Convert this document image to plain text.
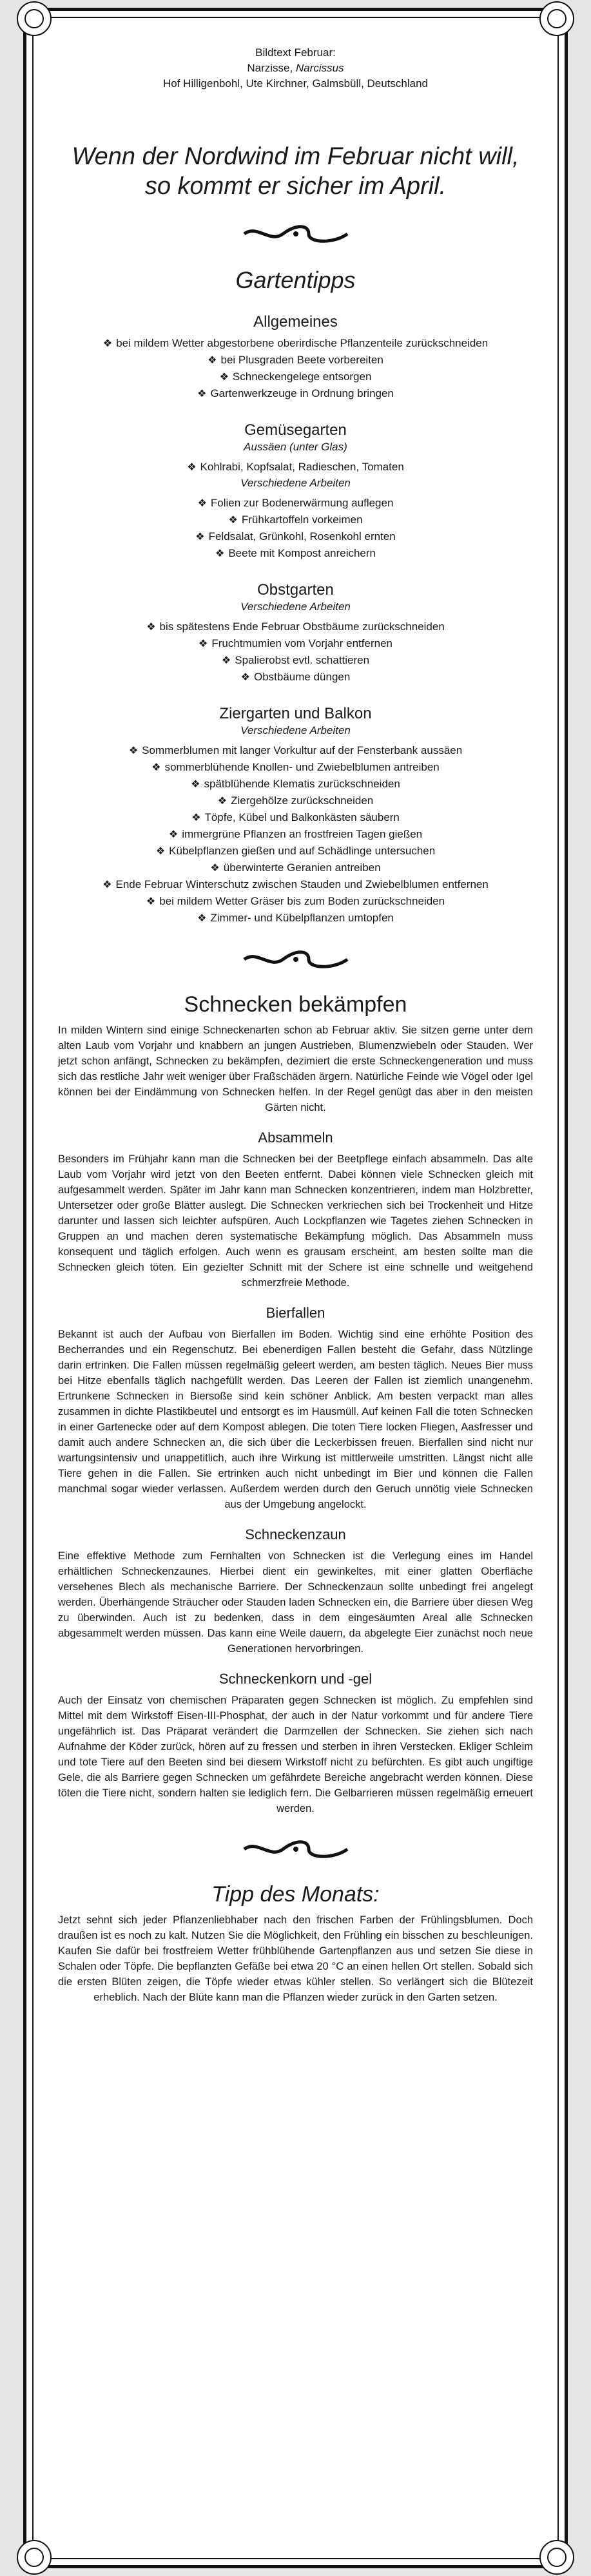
Bildtext Februar:
Narzisse, Narcissus
Hof Hilligenbohl, Ute Kirchner, Galmsbüll, Deutschland
Wenn der Nordwind im Februar nicht will,
so kommt er sicher im April.
Gartentipps
Allgemeines
❖ bei mildem Wetter abgestorbene oberirdische Pflanzenteile zurückschneiden
❖ bei Plusgraden Beete vorbereiten
❖ Schneckengelege entsorgen
❖ Gartenwerkzeuge in Ordnung bringen
Gemüsegarten
Aussäen (unter Glas)
❖ Kohlrabi, Kopfsalat, Radieschen, Tomaten
Verschiedene Arbeiten
❖ Folien zur Bodenerwärmung auflegen
❖ Frühkartoffeln vorkeimen
❖ Feldsalat, Grünkohl, Rosenkohl ernten
❖ Beete mit Kompost anreichern
Obstgarten
Verschiedene Arbeiten
❖ bis spätestens Ende Februar Obstbäume zurückschneiden
❖ Fruchtmumien vom Vorjahr entfernen
❖ Spalierobst evtl. schattieren
❖ Obstbäume düngen
Ziergarten und Balkon
Verschiedene Arbeiten
❖ Sommerblumen mit langer Vorkultur auf der Fensterbank aussäen
❖ sommerblühende Knollen- und Zwiebelblumen antreiben
❖ spätblühende Klematis zurückschneiden
❖ Ziergehölze zurückschneiden
❖ Töpfe, Kübel und Balkonkästen säubern
❖ immergrüne Pflanzen an frostfreien Tagen gießen
❖ Kübelpflanzen gießen und auf Schädlinge untersuchen
❖ überwinterte Geranien antreiben
❖ Ende Februar Winterschutz zwischen Stauden und Zwiebelblumen entfernen
❖ bei mildem Wetter Gräser bis zum Boden zurückschneiden
❖ Zimmer- und Kübelpflanzen umtopfen
Schnecken bekämpfen

In milden Wintern sind einige Schneckenarten schon ab Februar aktiv. Sie sitzen gerne unter dem alten Laub vom Vorjahr und knabbern an jungen Austrieben, Blumenzwiebeln oder Stauden. Wer jetzt schon anfängt, Schnecken zu bekämpfen, dezimiert die erste Schneckengeneration und muss sich das restliche Jahr weit weniger über Fraßschäden ärgern. Natürliche Feinde wie Vögel oder Igel können bei der Eindämmung von Schnecken helfen. In der Regel genügt das aber in den meisten Gärten nicht.

Absammeln

Besonders im Frühjahr kann man die Schnecken bei der Beetpflege einfach absammeln. Das alte Laub vom Vorjahr wird jetzt von den Beeten entfernt. Dabei können viele Schnecken gleich mit aufgesammelt werden. Später im Jahr kann man Schnecken konzentrieren, indem man Holzbretter, Untersetzer oder große Blätter auslegt. Die Schnecken verkriechen sich bei Trockenheit und Hitze darunter und lassen sich leichter aufspüren. Auch Lockpflanzen wie Tagetes ziehen Schnecken in Gruppen an und machen deren systematische Bekämpfung möglich. Das Absammeln muss konsequent und täglich erfolgen. Auch wenn es grausam erscheint, am besten sollte man die Schnecken gleich töten. Ein gezielter Schnitt mit der Schere ist eine schnelle und weitgehend schmerzfreie Methode.

Bierfallen

Bekannt ist auch der Aufbau von Bierfallen im Boden. Wichtig sind eine erhöhte Position des Becherrandes und ein Regenschutz. Bei ebenerdigen Fallen besteht die Gefahr, dass Nützlinge darin ertrinken. Die Fallen müssen regelmäßig geleert werden, am besten täglich. Neues Bier muss bei Hitze ebenfalls täglich nachgefüllt werden. Das Leeren der Fallen ist ziemlich unangenehm. Ertrunkene Schnecken in Biersoße sind kein schöner Anblick. Am besten verpackt man alles zusammen in dichte Plastikbeutel und entsorgt es im Hausmüll. Auf keinen Fall die toten Schnecken in einer Gartenecke oder auf dem Kompost ablegen. Die toten Tiere locken Fliegen, Aasfresser und damit auch andere Schnecken an, die sich über die Leckerbissen freuen. Bierfallen sind nicht nur wartungsintensiv und unappetitlich, auch ihre Wirkung ist mittlerweile umstritten. Längst nicht alle Tiere gehen in die Fallen. Sie ertrinken auch nicht unbedingt im Bier und können die Fallen manchmal sogar wieder verlassen. Außerdem werden durch den Geruch unnötig viele Schnecken aus der Umgebung angelockt.

Schneckenzaun

Eine effektive Methode zum Fernhalten von Schnecken ist die Verlegung eines im Handel erhältlichen Schneckenzaunes. Hierbei dient ein gewinkeltes, mit einer glatten Oberfläche versehenes Blech als mechanische Barriere. Der Schneckenzaun sollte unbedingt frei angelegt werden. Überhängende Sträucher oder Stauden laden Schnecken ein, die Barriere über diesen Weg zu überwinden. Auch ist zu bedenken, dass in dem eingesäumten Areal alle Schnecken abgesammelt werden müssen. Das kann eine Weile dauern, da abgelegte Eier zunächst noch neue Generationen hervorbringen.

Schneckenkorn und -gel

Auch der Einsatz von chemischen Präparaten gegen Schnecken ist möglich. Zu empfehlen sind Mittel mit dem Wirkstoff Eisen-III-Phosphat, der auch in der Natur vorkommt und für andere Tiere ungefährlich ist. Das Präparat verändert die Darmzellen der Schnecken. Sie ziehen sich nach Aufnahme der Köder zurück, hören auf zu fressen und sterben in ihren Verstecken. Ekliger Schleim und tote Tiere auf den Beeten sind bei diesem Wirkstoff nicht zu befürchten. Es gibt auch ungiftige Gele, die als Barriere gegen Schnecken um gefährdete Bereiche angebracht werden können. Diese töten die Tiere nicht, sondern halten sie lediglich fern. Die Gelbarrieren müssen regelmäßig erneuert werden.

Tipp des Monats:

Jetzt sehnt sich jeder Pflanzenliebhaber nach den frischen Farben der Frühlingsblumen. Doch draußen ist es noch zu kalt. Nutzen Sie die Möglichkeit, den Frühling ein bisschen zu beschleunigen. Kaufen Sie dafür bei frostfreiem Wetter frühblühende Gartenpflanzen aus und setzen Sie diese in Schalen oder Töpfe. Die bepflanzten Gefäße bei etwa 20 °C an einen hellen Ort stellen. Sobald sich die ersten Blüten zeigen, die Töpfe wieder etwas kühler stellen. So verlängert sich die Blütezeit erheblich. Nach der Blüte kann man die Pflanzen wieder zurück in den Garten setzen.
